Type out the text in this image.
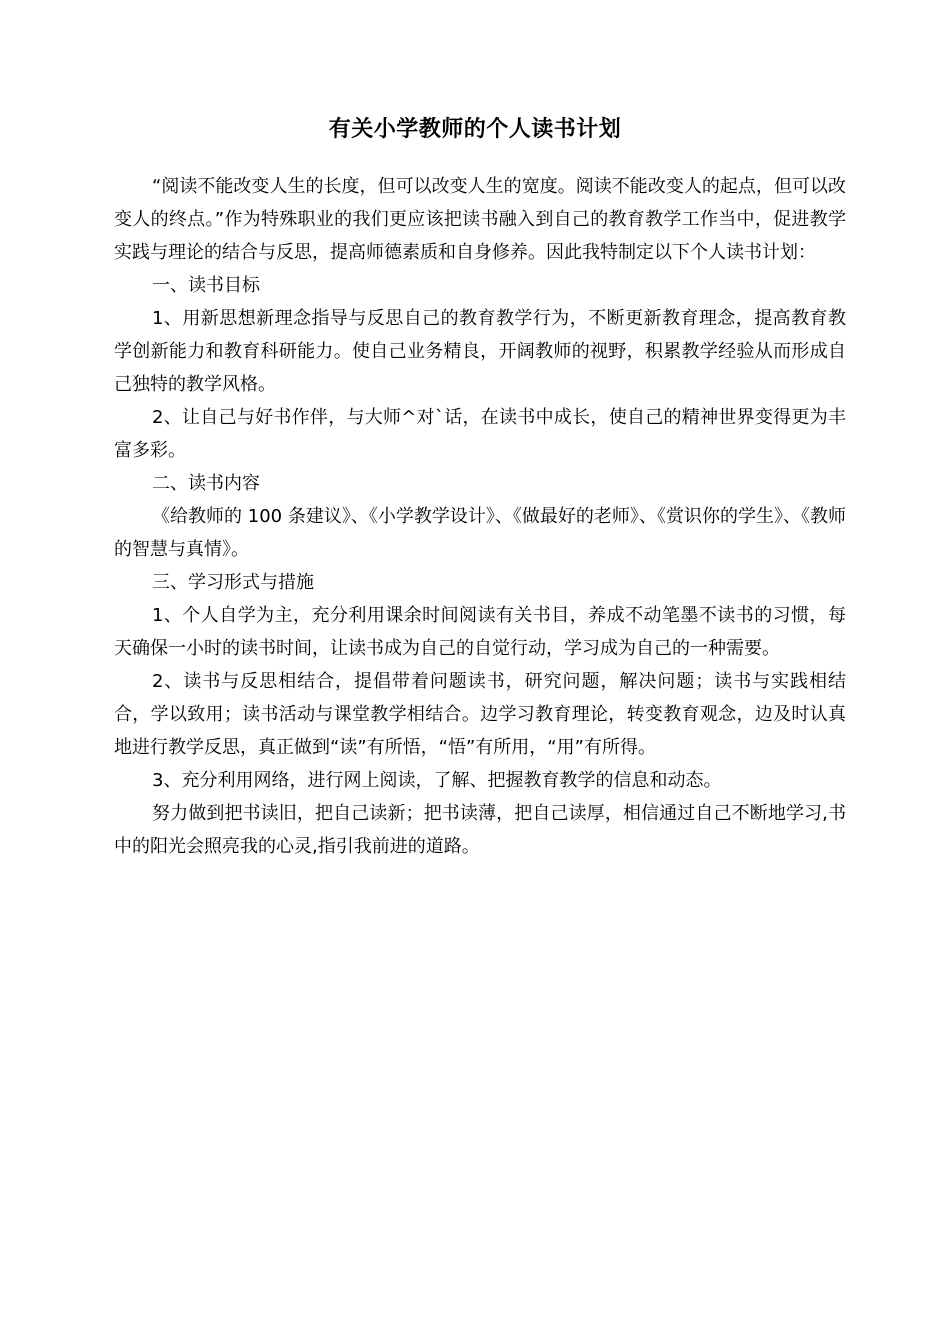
有关小学教师的个人读书计划

“阅读不能改变人生的长度，但可以改变人生的宽度。阅读不能改变人的起点，但可以改变人的终点。”作为特殊职业的我们更应该把读书融入到自己的教育教学工作当中，促进教学实践与理论的结合与反思，提高师德素质和自身修养。因此我特制定以下个人读书计划：

一、读书目标

1、用新思想新理念指导与反思自己的教育教学行为，不断更新教育理念，提高教育教学创新能力和教育科研能力。使自己业务精良，开阔教师的视野，积累教学经验从而形成自己独特的教学风格。

2、让自己与好书作伴，与大师^对`话，在读书中成长，使自己的精神世界变得更为丰富多彩。

二、读书内容

《给教师的 100 条建议》、《小学教学设计》、《做最好的老师》、《赏识你的学生》、《教师的智慧与真情》。

三、学习形式与措施

1、个人自学为主，充分利用课余时间阅读有关书目，养成不动笔墨不读书的习惯，每天确保一小时的读书时间，让读书成为自己的自觉行动，学习成为自己的一种需要。

2、读书与反思相结合，提倡带着问题读书，研究问题，解决问题；读书与实践相结合，学以致用；读书活动与课堂教学相结合。边学习教育理论，转变教育观念，边及时认真地进行教学反思，真正做到“读”有所悟，“悟”有所用，“用”有所得。

3、充分利用网络，进行网上阅读，了解、把握教育教学的信息和动态。

努力做到把书读旧，把自己读新；把书读薄，把自己读厚，相信通过自己不断地学习,书中的阳光会照亮我的心灵,指引我前进的道路。
